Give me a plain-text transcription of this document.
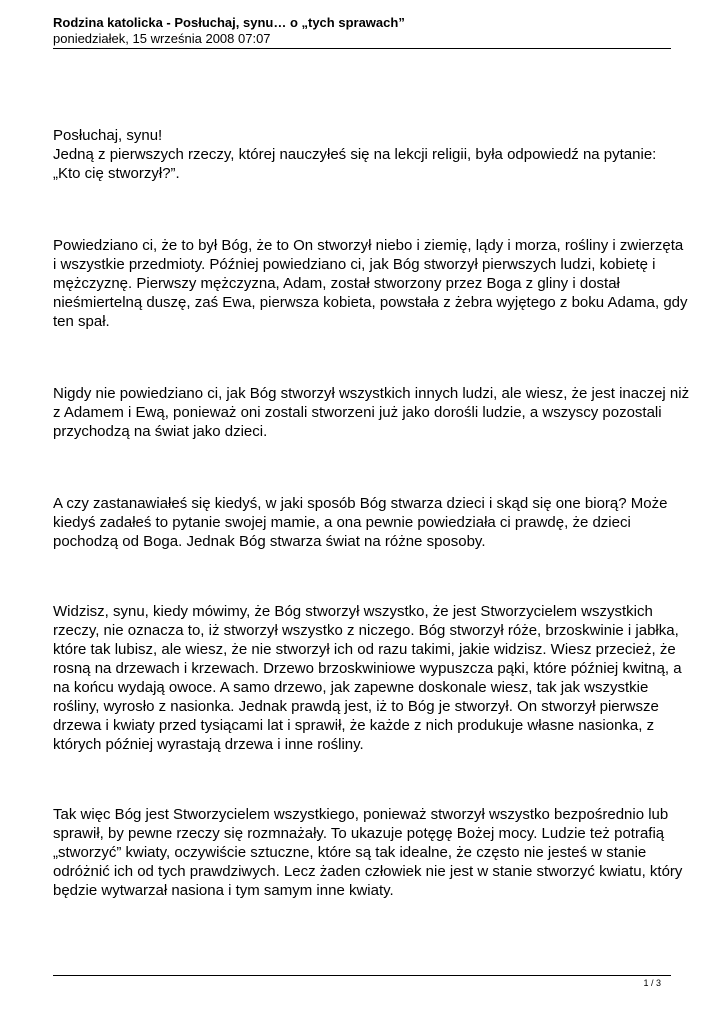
Rodzina katolicka - Posłuchaj, synu… o „tych sprawach”
poniedziałek, 15 września 2008 07:07

Posłuchaj, synu!
Jedną z pierwszych rzeczy, której nauczyłeś się na lekcji religii, była odpowiedź na pytanie:
„Kto cię stworzył?”.

Powiedziano ci, że to był Bóg, że to On stworzył niebo i ziemię, lądy i morza, rośliny i zwierzęta
i wszystkie przedmioty. Później powiedziano ci, jak Bóg stworzył pierwszych ludzi, kobietę i
mężczyznę. Pierwszy mężczyzna, Adam, został stworzony przez Boga z gliny i dostał
nieśmiertelną duszę, zaś Ewa, pierwsza kobieta, powstała z żebra wyjętego z boku Adama, gdy
ten spał.

Nigdy nie powiedziano ci, jak Bóg stworzył wszystkich innych ludzi, ale wiesz, że jest inaczej niż
z Adamem i Ewą, ponieważ oni zostali stworzeni już jako dorośli ludzie, a wszyscy pozostali
przychodzą na świat jako dzieci.

A czy zastanawiałeś się kiedyś, w jaki sposób Bóg stwarza dzieci i skąd się one biorą? Może
kiedyś zadałeś to pytanie swojej mamie, a ona pewnie powiedziała ci prawdę, że dzieci
pochodzą od Boga. Jednak Bóg stwarza świat na różne sposoby.

Widzisz, synu, kiedy mówimy, że Bóg stworzył wszystko, że jest Stworzycielem wszystkich
rzeczy, nie oznacza to, iż stworzył wszystko z niczego. Bóg stworzył róże, brzoskwinie i jabłka,
które tak lubisz, ale wiesz, że nie stworzył ich od razu takimi, jakie widzisz. Wiesz przecież, że
rosną na drzewach i krzewach. Drzewo brzoskwiniowe wypuszcza pąki, które później kwitną, a
na końcu wydają owoce. A samo drzewo, jak zapewne doskonale wiesz, tak jak wszystkie
rośliny, wyrosło z nasionka. Jednak prawdą jest, iż to Bóg je stworzył. On stworzył pierwsze
drzewa i kwiaty przed tysiącami lat i sprawił, że każde z nich produkuje własne nasionka, z
których później wyrastają drzewa i inne rośliny.

Tak więc Bóg jest Stworzycielem wszystkiego, ponieważ stworzył wszystko bezpośrednio lub
sprawił, by pewne rzeczy się rozmnażały. To ukazuje potęgę Bożej mocy. Ludzie też potrafią
„stworzyć” kwiaty, oczywiście sztuczne, które są tak idealne, że często nie jesteś w stanie
odróżnić ich od tych prawdziwych. Lecz żaden człowiek nie jest w stanie stworzyć kwiatu, który
będzie wytwarzał nasiona i tym samym inne kwiaty.

1 / 3
